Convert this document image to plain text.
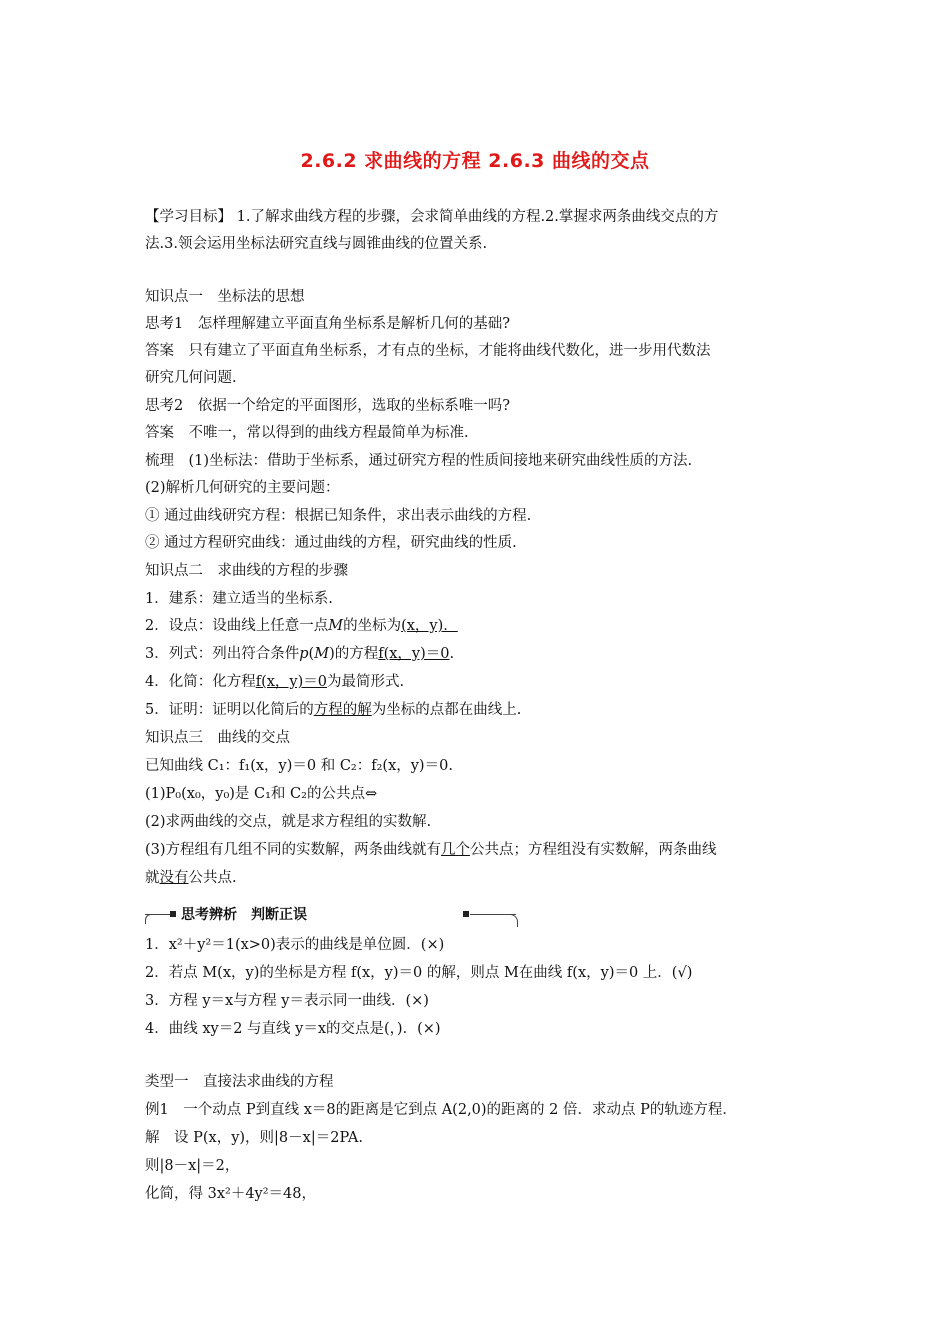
2.6.2 求曲线的方程 2.6.3 曲线的交点
【学习目标】 1.了解求曲线方程的步骤，会求简单曲线的方程.2.掌握求两条曲线交点的方
法.3.领会运用坐标法研究直线与圆锥曲线的位置关系.
知识点一　坐标法的思想
思考1　怎样理解建立平面直角坐标系是解析几何的基础?
答案　只有建立了平面直角坐标系，才有点的坐标，才能将曲线代数化，进一步用代数法
研究几何问题.
思考2　依据一个给定的平面图形，选取的坐标系唯一吗?
答案　不唯一，常以得到的曲线方程最简单为标准.
梳理　(1)坐标法：借助于坐标系，通过研究方程的性质间接地来研究曲线性质的方法.
(2)解析几何研究的主要问题：
① 通过曲线研究方程：根据已知条件，求出表示曲线的方程.
② 通过方程研究曲线：通过曲线的方程，研究曲线的性质.
知识点二　求曲线的方程的步骤
1．建系：建立适当的坐标系.
2．设点：设曲线上任意一点M的坐标为(x，y)．
3．列式：列出符合条件p(M)的方程f(x，y)＝0.
4．化简：化方程f(x，y)＝0为最简形式.
5．证明：证明以化简后的方程的解为坐标的点都在曲线上.
知识点三　曲线的交点
已知曲线 C₁：f₁(x，y)＝0 和 C₂：f₂(x，y)＝0.
(1)P₀(x₀，y₀)是 C₁和 C₂的公共点⇔
(2)求两曲线的交点，就是求方程组的实数解.
(3)方程组有几组不同的实数解，两条曲线就有几个公共点；方程组没有实数解，两条曲线
就没有公共点.
思考辨析　判断正误
1．x²＋y²＝1(x>0)表示的曲线是单位圆．(×)
2．若点 M(x，y)的坐标是方程 f(x，y)＝0 的解，则点 M在曲线 f(x，y)＝0 上．(√)
3．方程 y＝x与方程 y＝表示同一曲线．(×)
4．曲线 xy＝2 与直线 y＝x的交点是(，)．(×)
类型一　直接法求曲线的方程
例1　一个动点 P到直线 x＝8的距离是它到点 A(2,0)的距离的 2 倍．求动点 P的轨迹方程．
解　设 P(x，y)，则|8－x|＝2PA.
则|8－x|＝2，
化简，得 3x²＋4y²＝48，
